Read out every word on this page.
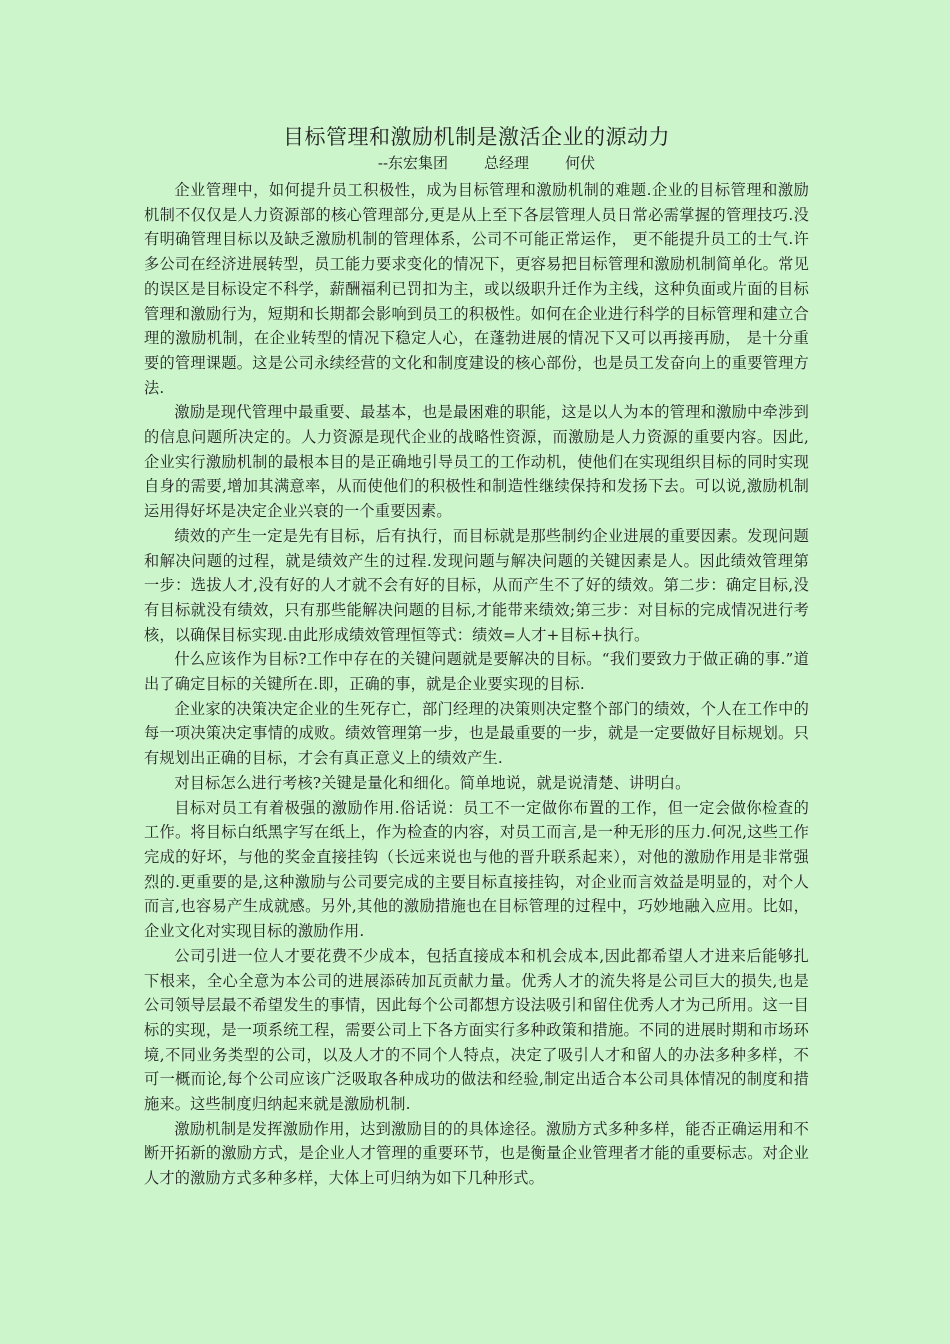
目标管理和激励机制是激活企业的源动力
--东宏集团 总经理 何伏

企业管理中，如何提升员工积极性，成为目标管理和激励机制的难题.企业的目标管理和激励机制不仅仅是人力资源部的核心管理部分,更是从上至下各层管理人员日常必需掌握的管理技巧.没有明确管理目标以及缺乏激励机制的管理体系，公司不可能正常运作， 更不能提升员工的士气.许多公司在经济进展转型，员工能力要求变化的情况下，更容易把目标管理和激励机制简单化。常见的误区是目标设定不科学，薪酬福利已罚扣为主，或以级职升迁作为主线，这种负面或片面的目标管理和激励行为，短期和长期都会影响到员工的积极性。如何在企业进行科学的目标管理和建立合理的激励机制，在企业转型的情况下稳定人心，在蓬勃进展的情况下又可以再接再励， 是十分重要的管理课题。这是公司永续经营的文化和制度建设的核心部份，也是员工发奋向上的重要管理方法.

激励是现代管理中最重要、最基本，也是最困难的职能，这是以人为本的管理和激励中牵涉到的信息问题所决定的。人力资源是现代企业的战略性资源，而激励是人力资源的重要内容。因此,企业实行激励机制的最根本目的是正确地引导员工的工作动机，使他们在实现组织目标的同时实现自身的需要,增加其满意率，从而使他们的积极性和制造性继续保持和发扬下去。可以说,激励机制运用得好坏是决定企业兴衰的一个重要因素。

绩效的产生一定是先有目标，后有执行，而目标就是那些制约企业进展的重要因素。发现问题和解决问题的过程，就是绩效产生的过程.发现问题与解决问题的关键因素是人。因此绩效管理第一步：选拔人才,没有好的人才就不会有好的目标，从而产生不了好的绩效。第二步：确定目标,没有目标就没有绩效，只有那些能解决问题的目标,才能带来绩效;第三步：对目标的完成情况进行考核，以确保目标实现.由此形成绩效管理恒等式：绩效=人才+目标+执行。

什么应该作为目标?工作中存在的关键问题就是要解决的目标。“我们要致力于做正确的事.”道出了确定目标的关键所在.即，正确的事，就是企业要实现的目标.

企业家的决策决定企业的生死存亡，部门经理的决策则决定整个部门的绩效，个人在工作中的每一项决策决定事情的成败。绩效管理第一步，也是最重要的一步，就是一定要做好目标规划。只有规划出正确的目标，才会有真正意义上的绩效产生.

对目标怎么进行考核?关键是量化和细化。简单地说，就是说清楚、讲明白。

目标对员工有着极强的激励作用.俗话说：员工不一定做你布置的工作，但一定会做你检查的工作。将目标白纸黑字写在纸上，作为检查的内容，对员工而言,是一种无形的压力.何况,这些工作完成的好坏，与他的奖金直接挂钩（长远来说也与他的晋升联系起来），对他的激励作用是非常强烈的.更重要的是,这种激励与公司要完成的主要目标直接挂钩，对企业而言效益是明显的，对个人而言,也容易产生成就感。另外,其他的激励措施也在目标管理的过程中，巧妙地融入应用。比如，企业文化对实现目标的激励作用.

公司引进一位人才要花费不少成本，包括直接成本和机会成本,因此都希望人才进来后能够扎下根来，全心全意为本公司的进展添砖加瓦贡献力量。优秀人才的流失将是公司巨大的损失,也是公司领导层最不希望发生的事情，因此每个公司都想方设法吸引和留住优秀人才为己所用。这一目标的实现，是一项系统工程，需要公司上下各方面实行多种政策和措施。不同的进展时期和市场环境,不同业务类型的公司，以及人才的不同个人特点，决定了吸引人才和留人的办法多种多样，不可一概而论,每个公司应该广泛吸取各种成功的做法和经验,制定出适合本公司具体情况的制度和措施来。这些制度归纳起来就是激励机制.

激励机制是发挥激励作用，达到激励目的的具体途径。激励方式多种多样，能否正确运用和不断开拓新的激励方式，是企业人才管理的重要环节，也是衡量企业管理者才能的重要标志。对企业人才的激励方式多种多样，大体上可归纳为如下几种形式。
